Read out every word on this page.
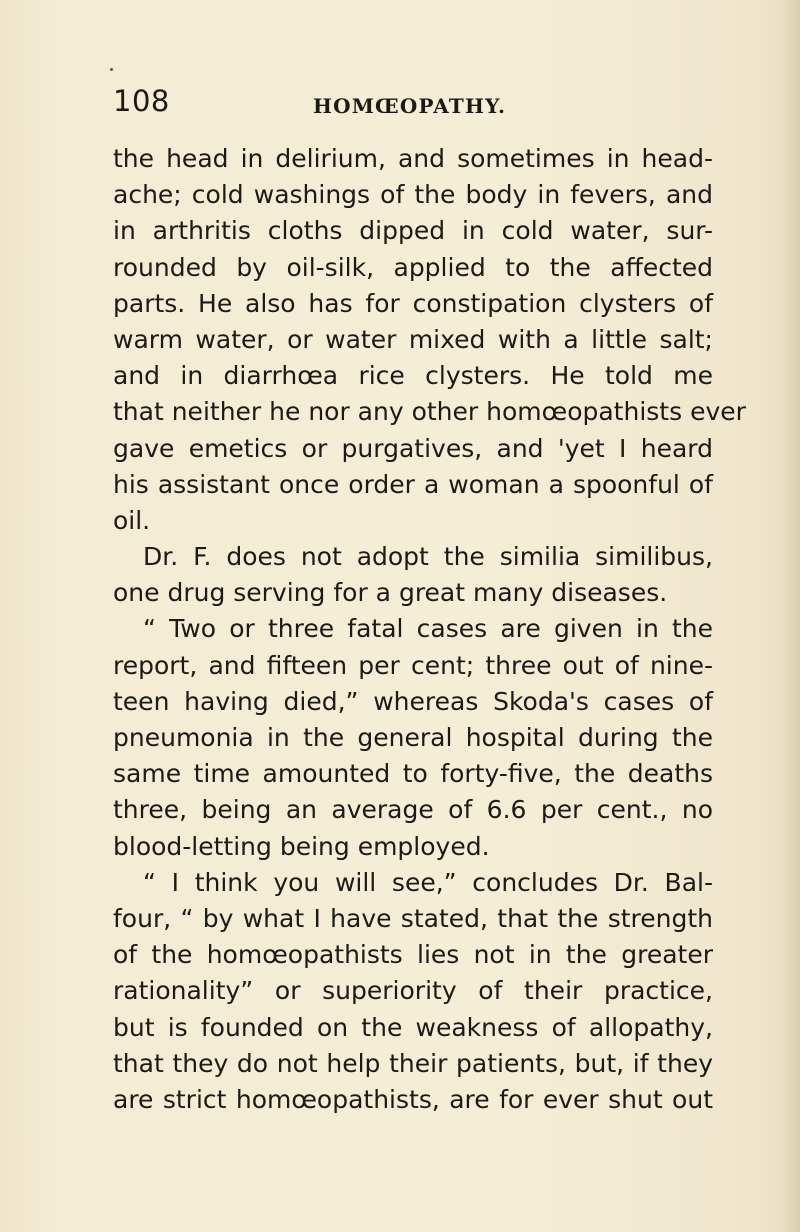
108	HOMŒOPATHY.
the head in delirium, and sometimes in head-
ache; cold washings of the body in fevers, and
in arthritis cloths dipped in cold water, sur-
rounded by oil-silk, applied to the affected
parts. He also has for constipation clysters of
warm water, or water mixed with a little salt;
and in diarrhœa rice clysters. He told me
that neither he nor any other homœopathists ever
gave emetics or purgatives, and 'yet I heard
his assistant once order a woman a spoonful of
oil.
Dr. F. does not adopt the similia similibus,
one drug serving for a great many diseases.
“ Two or three fatal cases are given in the
report, and fifteen per cent; three out of nine-
teen having died,” whereas Skoda's cases of
pneumonia in the general hospital during the
same time amounted to forty-five, the deaths
three, being an average of 6.6 per cent., no
blood-letting being employed.
“ I think you will see,” concludes Dr. Bal-
four, “ by what I have stated, that the strength
of the homœopathists lies not in the greater
rationality” or superiority of their practice,
but is founded on the weakness of allopathy,
that they do not help their patients, but, if they
are strict homœopathists, are for ever shut out
